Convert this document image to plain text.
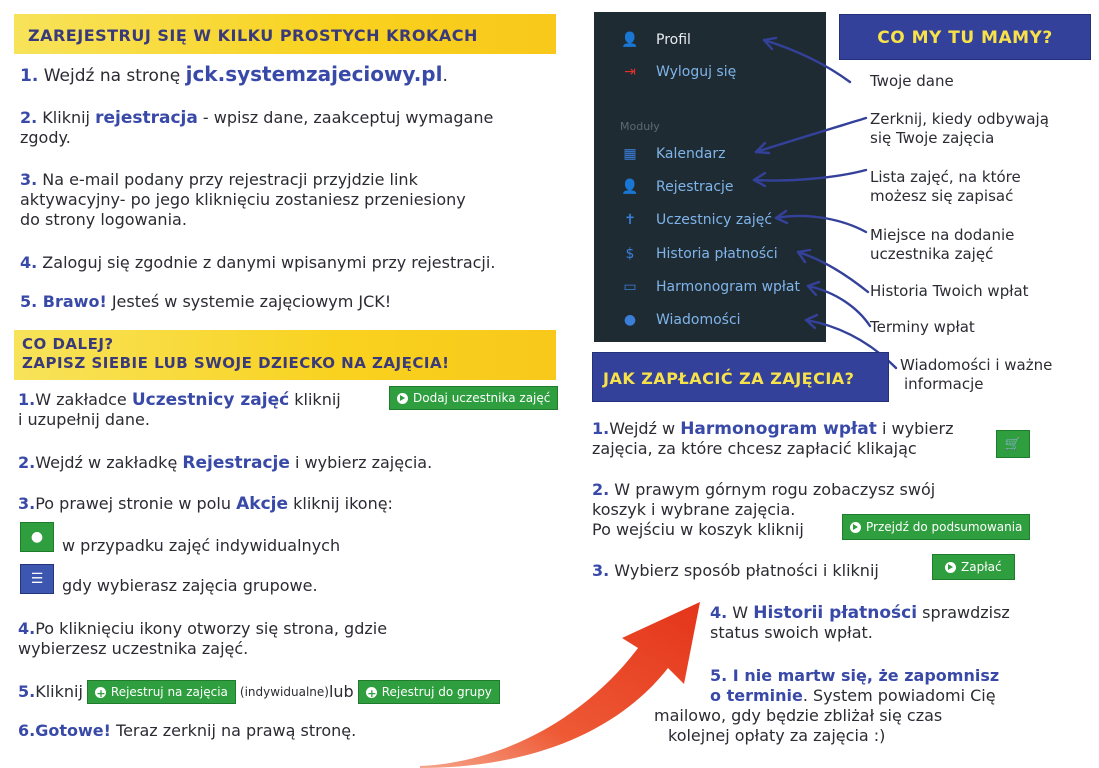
ZAREJESTRUJ SIĘ W KILKU PROSTYCH KROKACH
1. Wejdź na stronę jck.systemzajeciowy.pl.
2. Kliknij rejestracja - wpisz dane, zaakceptuj wymagane
zgody.
3. Na e-mail podany przy rejestracji przyjdzie link
aktywacyjny- po jego kliknięciu zostaniesz przeniesiony
do strony logowania.
4. Zaloguj się zgodnie z danymi wpisanymi przy rejestracji.
5. Brawo! Jesteś w systemie zajęciowym JCK!
CO DALEJ?
ZAPISZ SIEBIE LUB SWOJE DZIECKO NA ZAJĘCIA!
1.W zakładce Uczestnicy zajęć kliknij
i uzupełnij dane.
Dodaj uczestnika zajęć
2.Wejdź w zakładkę Rejestracje i wybierz zajęcia.
3.Po prawej stronie w polu Akcje kliknij ikonę:
● w przypadku zajęć indywidualnych
☰ gdy wybierasz zajęcia grupowe.
4.Po kliknięciu ikony otworzy się strona, gdzie
wybierzesz uczestnika zajęć.
5. Kliknij + Rejestruj na zajęcia (indywidualne) lub + Rejestruj do grupy
6.Gotowe! Teraz zerknij na prawą stronę.
👤 Profil
⇥ Wyloguj się
Moduły
▦ Kalendarz
👤 Rejestracje
✝ Uczestnicy zajęć
$	Historia płatności
▭ Harmonogram wpłat
● Wiadomości
CO MY TU MAMY?
Twoje dane
Zerknij, kiedy odbywają
się Twoje zajęcia
Lista zajęć, na które
możesz się zapisać
Miejsce na dodanie
uczestnika zajęć
Historia Twoich wpłat
Terminy wpłat
Wiadomości i ważne
informacje
JAK ZAPŁACIĆ ZA ZAJĘCIA?
1.Wejdź w Harmonogram wpłat i wybierz
zajęcia, za które chcesz zapłacić klikając	🛒
2. W prawym górnym rogu zobaczysz swój
koszyk i wybrane zajęcia.
Po wejściu w koszyk kliknij	Przejdź do podsumowania
3. Wybierz sposób płatności i kliknij	Zapłać
4. W Historii płatności sprawdzisz
status swoich wpłat.
5. I nie martw się, że zapomnisz
o terminie. System powiadomi Cię
mailowo, gdy będzie zbliżał się czas
kolejnej opłaty za zajęcia :)
